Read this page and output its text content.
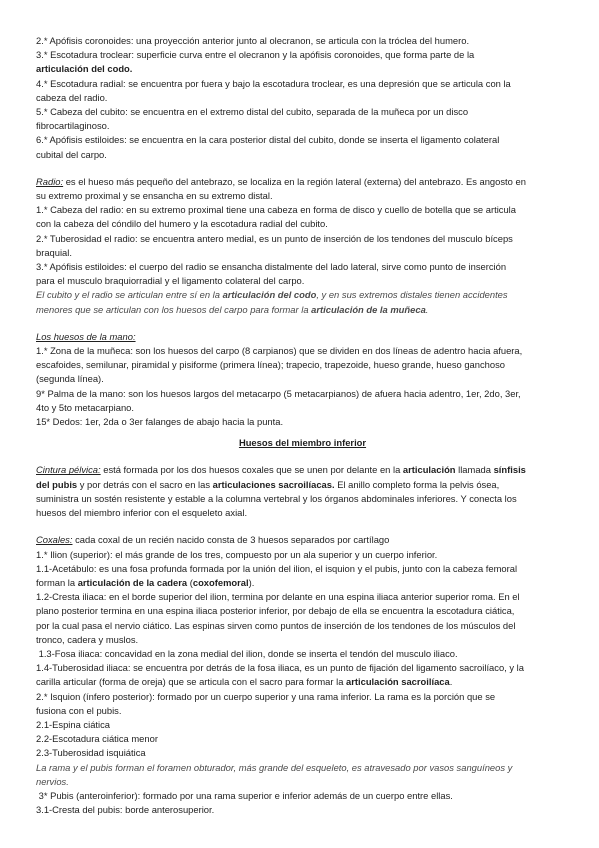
2.* Apófisis coronoides: una proyección anterior junto al olecranon, se articula con la tróclea del humero.

3.* Escotadura troclear: superficie curva entre el olecranon y la apófisis coronoides, que forma parte de la
articulación del codo.

4.* Escotadura radial: se encuentra por fuera y bajo la escotadura troclear, es una depresión que se articula con la
cabeza del radio.

5.* Cabeza del cubito: se encuentra en el extremo distal del cubito, separada de la muñeca por un disco
fibrocartilaginoso.

6.* Apófisis estiloides: se encuentra en la cara posterior distal del cubito, donde se inserta el ligamento colateral
cubital del carpo.

Radio: es el hueso más pequeño del antebrazo, se localiza en la región lateral (externa) del antebrazo. Es angosto en
su extremo proximal y se ensancha en su extremo distal.

1.* Cabeza del radio: en su extremo proximal tiene una cabeza en forma de disco y cuello de botella que se articula
con la cabeza del cóndilo del humero y la escotadura radial del cubito.

2.* Tuberosidad el radio: se encuentra antero medial, es un punto de inserción de los tendones del musculo bíceps
braquial.

3.* Apófisis estiloides: el cuerpo del radio se ensancha distalmente del lado lateral, sirve como punto de inserción
para el musculo braquiorradial y el ligamento colateral del carpo.

El cubito y el radio se articulan entre sí en la articulación del codo, y en sus extremos distales tienen accidentes
menores que se articulan con los huesos del carpo para formar la articulación de la muñeca.

Los huesos de la mano:

1.* Zona de la muñeca: son los huesos del carpo (8 carpianos) que se dividen en dos líneas de adentro hacia afuera,
escafoides, semilunar, piramidal y pisiforme (primera línea); trapecio, trapezoide, hueso grande, hueso ganchoso
(segunda línea).

9* Palma de la mano: son los huesos largos del metacarpo (5 metacarpianos) de afuera hacia adentro, 1er, 2do, 3er,
4to y 5to metacarpiano.

15* Dedos: 1er, 2da o 3er falanges de abajo hacia la punta.

Huesos del miembro inferior

Cintura pélvica: está formada por los dos huesos coxales que se unen por delante en la articulación llamada sínfisis
del pubis y por detrás con el sacro en las articulaciones sacroilíacas. El anillo completo forma la pelvis ósea,
suministra un sostén resistente y estable a la columna vertebral y los órganos abdominales inferiores. Y conecta los
huesos del miembro inferior con el esqueleto axial.

Coxales: cada coxal de un recién nacido consta de 3 huesos separados por cartílago

1.* Ilion (superior): el más grande de los tres, compuesto por un ala superior y un cuerpo inferior.

1.1-Acetábulo: es una fosa profunda formada por la unión del ilion, el isquion y el pubis, junto con la cabeza femoral
forman la articulación de la cadera (coxofemoral).

1.2-Cresta iliaca: en el borde superior del ilion, termina por delante en una espina iliaca anterior superior roma. En el
plano posterior termina en una espina iliaca posterior inferior, por debajo de ella se encuentra la escotadura ciática,
por la cual pasa el nervio ciático. Las espinas sirven como puntos de inserción de los tendones de los músculos del
tronco, cadera y muslos.

1.3-Fosa iliaca: concavidad en la zona medial del ilion, donde se inserta el tendón del musculo iliaco.

1.4-Tuberosidad iliaca: se encuentra por detrás de la fosa iliaca, es un punto de fijación del ligamento sacroilíaco, y la
carilla articular (forma de oreja) que se articula con el sacro para formar la articulación sacroilíaca.

2.* Isquion (ínfero posterior): formado por un cuerpo superior y una rama inferior. La rama es la porción que se
fusiona con el pubis.

2.1-Espina ciática

2.2-Escotadura ciática menor

2.3-Tuberosidad isquiática

La rama y el pubis forman el foramen obturador, más grande del esqueleto, es atravesado por vasos sanguíneos y
nervios.

3* Pubis (anteroinferior): formado por una rama superior e inferior además de un cuerpo entre ellas.

3.1-Cresta del pubis: borde anterosuperior.
